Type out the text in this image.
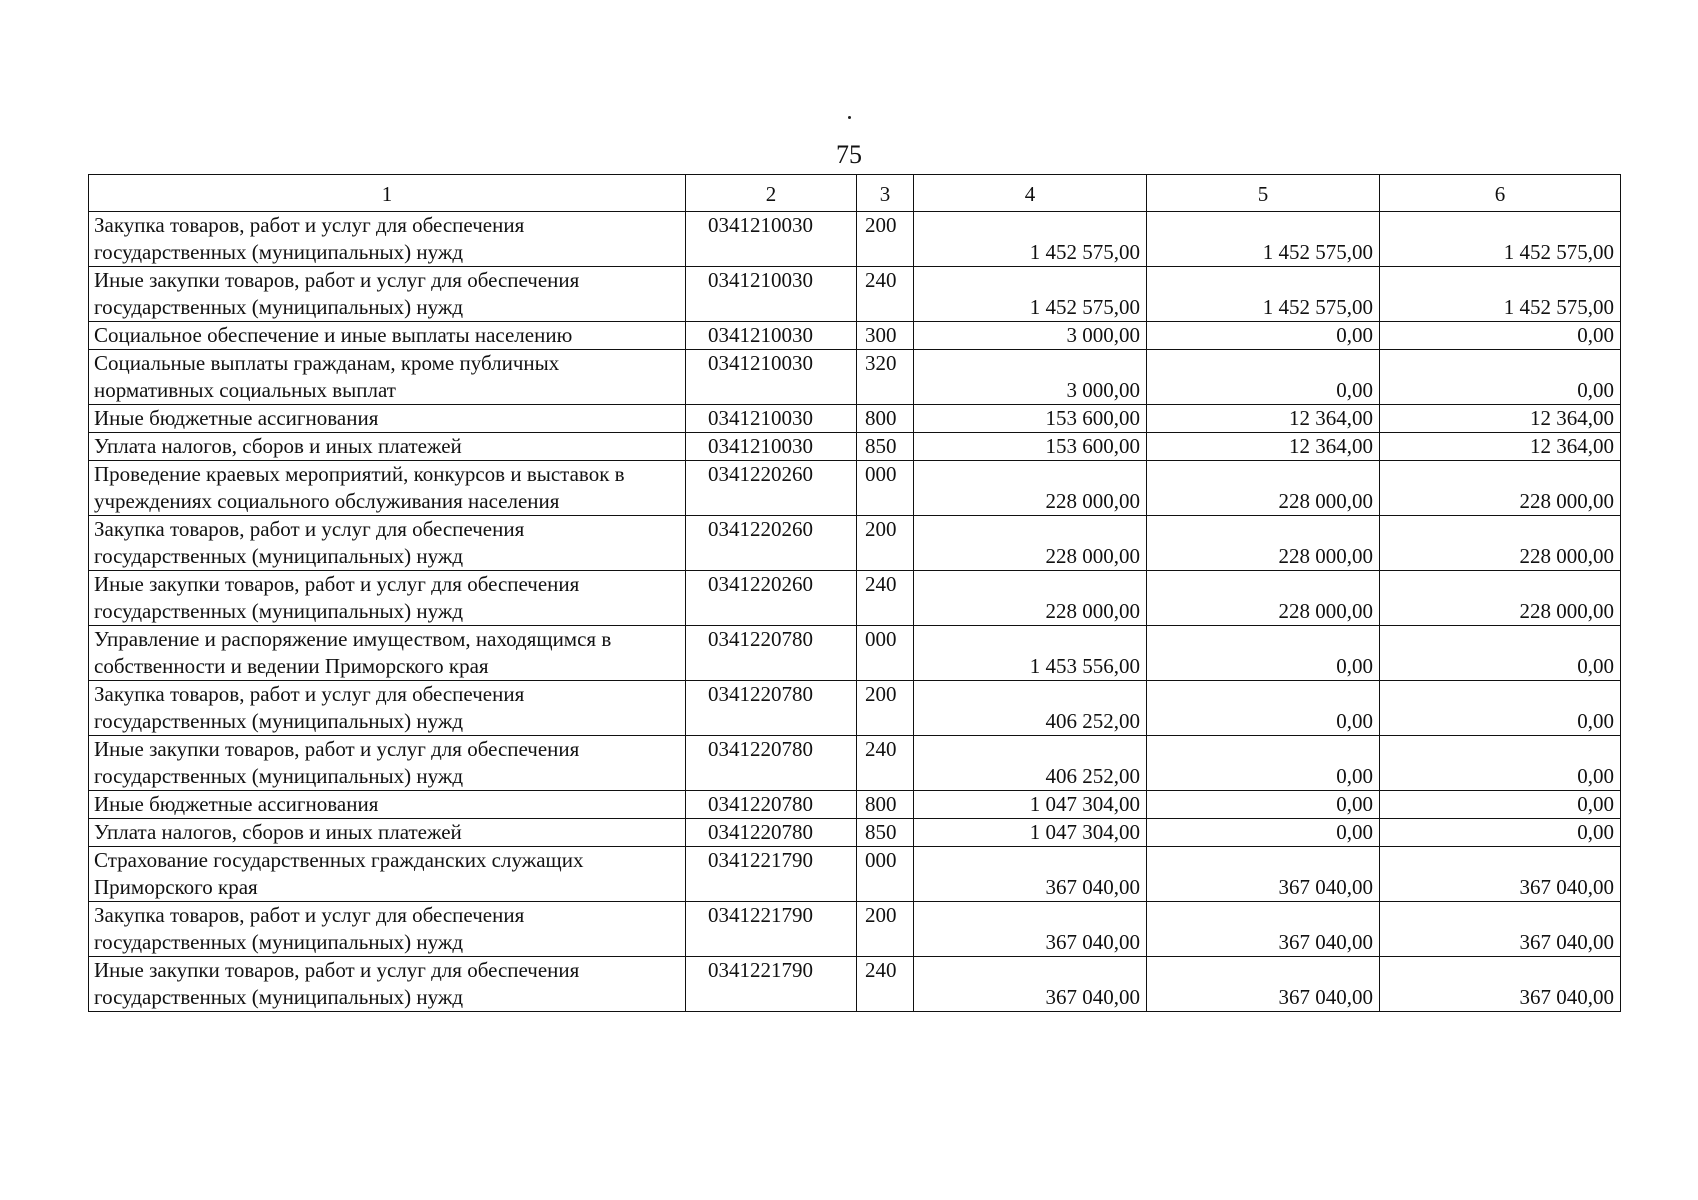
75
1	2	3	4	5	6
Закупка товаров, работ и услуг для обеспечения государственных (муниципальных) нужд	0341210030	200	1 452 575,00	1 452 575,00	1 452 575,00
Иные закупки товаров, работ и услуг для обеспечения государственных (муниципальных) нужд	0341210030	240	1 452 575,00	1 452 575,00	1 452 575,00
Социальное обеспечение и иные выплаты населению	0341210030	300	3 000,00	0,00	0,00
Социальные выплаты гражданам, кроме публичных нормативных социальных выплат	0341210030	320	3 000,00	0,00	0,00
Иные бюджетные ассигнования	0341210030	800	153 600,00	12 364,00	12 364,00
Уплата налогов, сборов и иных платежей	0341210030	850	153 600,00	12 364,00	12 364,00
Проведение краевых мероприятий, конкурсов и выставок в учреждениях социального обслуживания населения	0341220260	000	228 000,00	228 000,00	228 000,00
Закупка товаров, работ и услуг для обеспечения государственных (муниципальных) нужд	0341220260	200	228 000,00	228 000,00	228 000,00
Иные закупки товаров, работ и услуг для обеспечения государственных (муниципальных) нужд	0341220260	240	228 000,00	228 000,00	228 000,00
Управление и распоряжение имуществом, находящимся в собственности и ведении Приморского края	0341220780	000	1 453 556,00	0,00	0,00
Закупка товаров, работ и услуг для обеспечения государственных (муниципальных) нужд	0341220780	200	406 252,00	0,00	0,00
Иные закупки товаров, работ и услуг для обеспечения государственных (муниципальных) нужд	0341220780	240	406 252,00	0,00	0,00
Иные бюджетные ассигнования	0341220780	800	1 047 304,00	0,00	0,00
Уплата налогов, сборов и иных платежей	0341220780	850	1 047 304,00	0,00	0,00
Страхование государственных гражданских служащих Приморского края	0341221790	000	367 040,00	367 040,00	367 040,00
Закупка товаров, работ и услуг для обеспечения государственных (муниципальных) нужд	0341221790	200	367 040,00	367 040,00	367 040,00
Иные закупки товаров, работ и услуг для обеспечения государственных (муниципальных) нужд	0341221790	240	367 040,00	367 040,00	367 040,00
